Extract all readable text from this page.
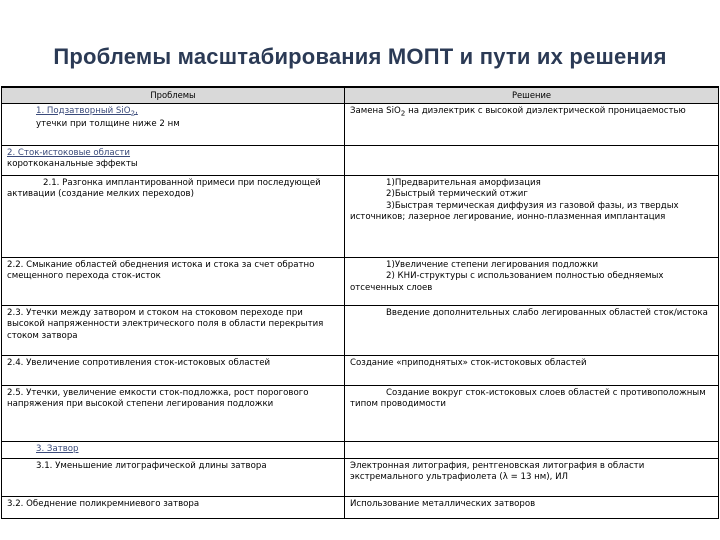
Проблемы масштабирования МОПТ и пути их решения
Проблемы	Решение
1. Подзатворный SiO$_2$,
утечки при толщине ниже 2 нм	Замена SiO$_2$ на диэлектрик с высокой диэлектрической проницаемостью
2. Сток-истоковые области
короткоканальные эффекты	
2.1. Разгонка имплантированной примеси при последующей активации (создание мелких переходов)	1)Предварительная аморфизация
2)Быстрый термический отжиг
3)Быстрая термическая диффузия из газовой фазы, из твердых источников; лазерное легирование, ионно-плазменная имплантация
2.2. Смыкание областей обеднения истока и стока за счет обратно смещенного перехода сток-исток	1)Увеличение степени легирования подложки
2) КНИ-структуры с использованием полностью обедняемых отсеченных слоев
2.3. Утечки между затвором и стоком на стоковом переходе при высокой напряженности электрического поля в области перекрытия стоком затвора	Введение дополнительных слабо легированных областей сток/истока
2.4. Увеличение сопротивления сток-истоковых областей	Создание «приподнятых» сток-истоковых областей
2.5. Утечки, увеличение емкости сток-подложка, рост порогового напряжения при высокой степени легирования подложки	Создание вокруг сток-истоковых слоев областей с противоположным типом проводимости
3. Затвор	
3.1. Уменьшение литографической длины затвора	Электронная литография, рентгеновская литография в области экстремального ультрафиолета (λ = 13 нм), ИЛ
3.2. Обеднение поликремниевого затвора	Использование металлических затворов
